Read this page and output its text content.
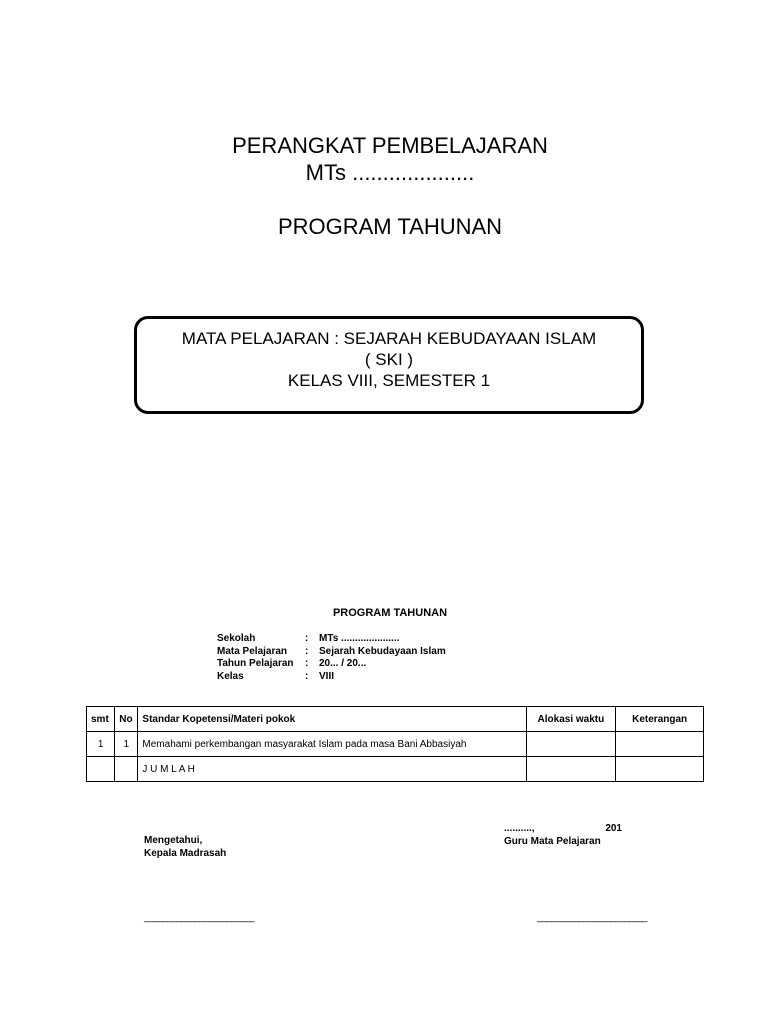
PERANGKAT PEMBELAJARAN
MTs ....................
PROGRAM TAHUNAN
MATA PELAJARAN : SEJARAH KEBUDAYAAN ISLAM
( SKI )
KELAS VIII, SEMESTER 1
PROGRAM TAHUNAN
Sekolah	:	MTs .....................
Mata Pelajaran	:	Sejarah Kebudayaan Islam
Tahun Pelajaran	:	20... / 20...
Kelas	:	VIII
smt	No	Standar Kopetensi/Materi pokok	Alokasi waktu	Keterangan
1	1	Memahami perkembangan masyarakat Islam pada masa Bani Abbasiyah		
		J U M L A H		
..........,	201
Guru Mata Pelajaran
Mengetahui,
Kepala Madrasah
________________________	________________________
